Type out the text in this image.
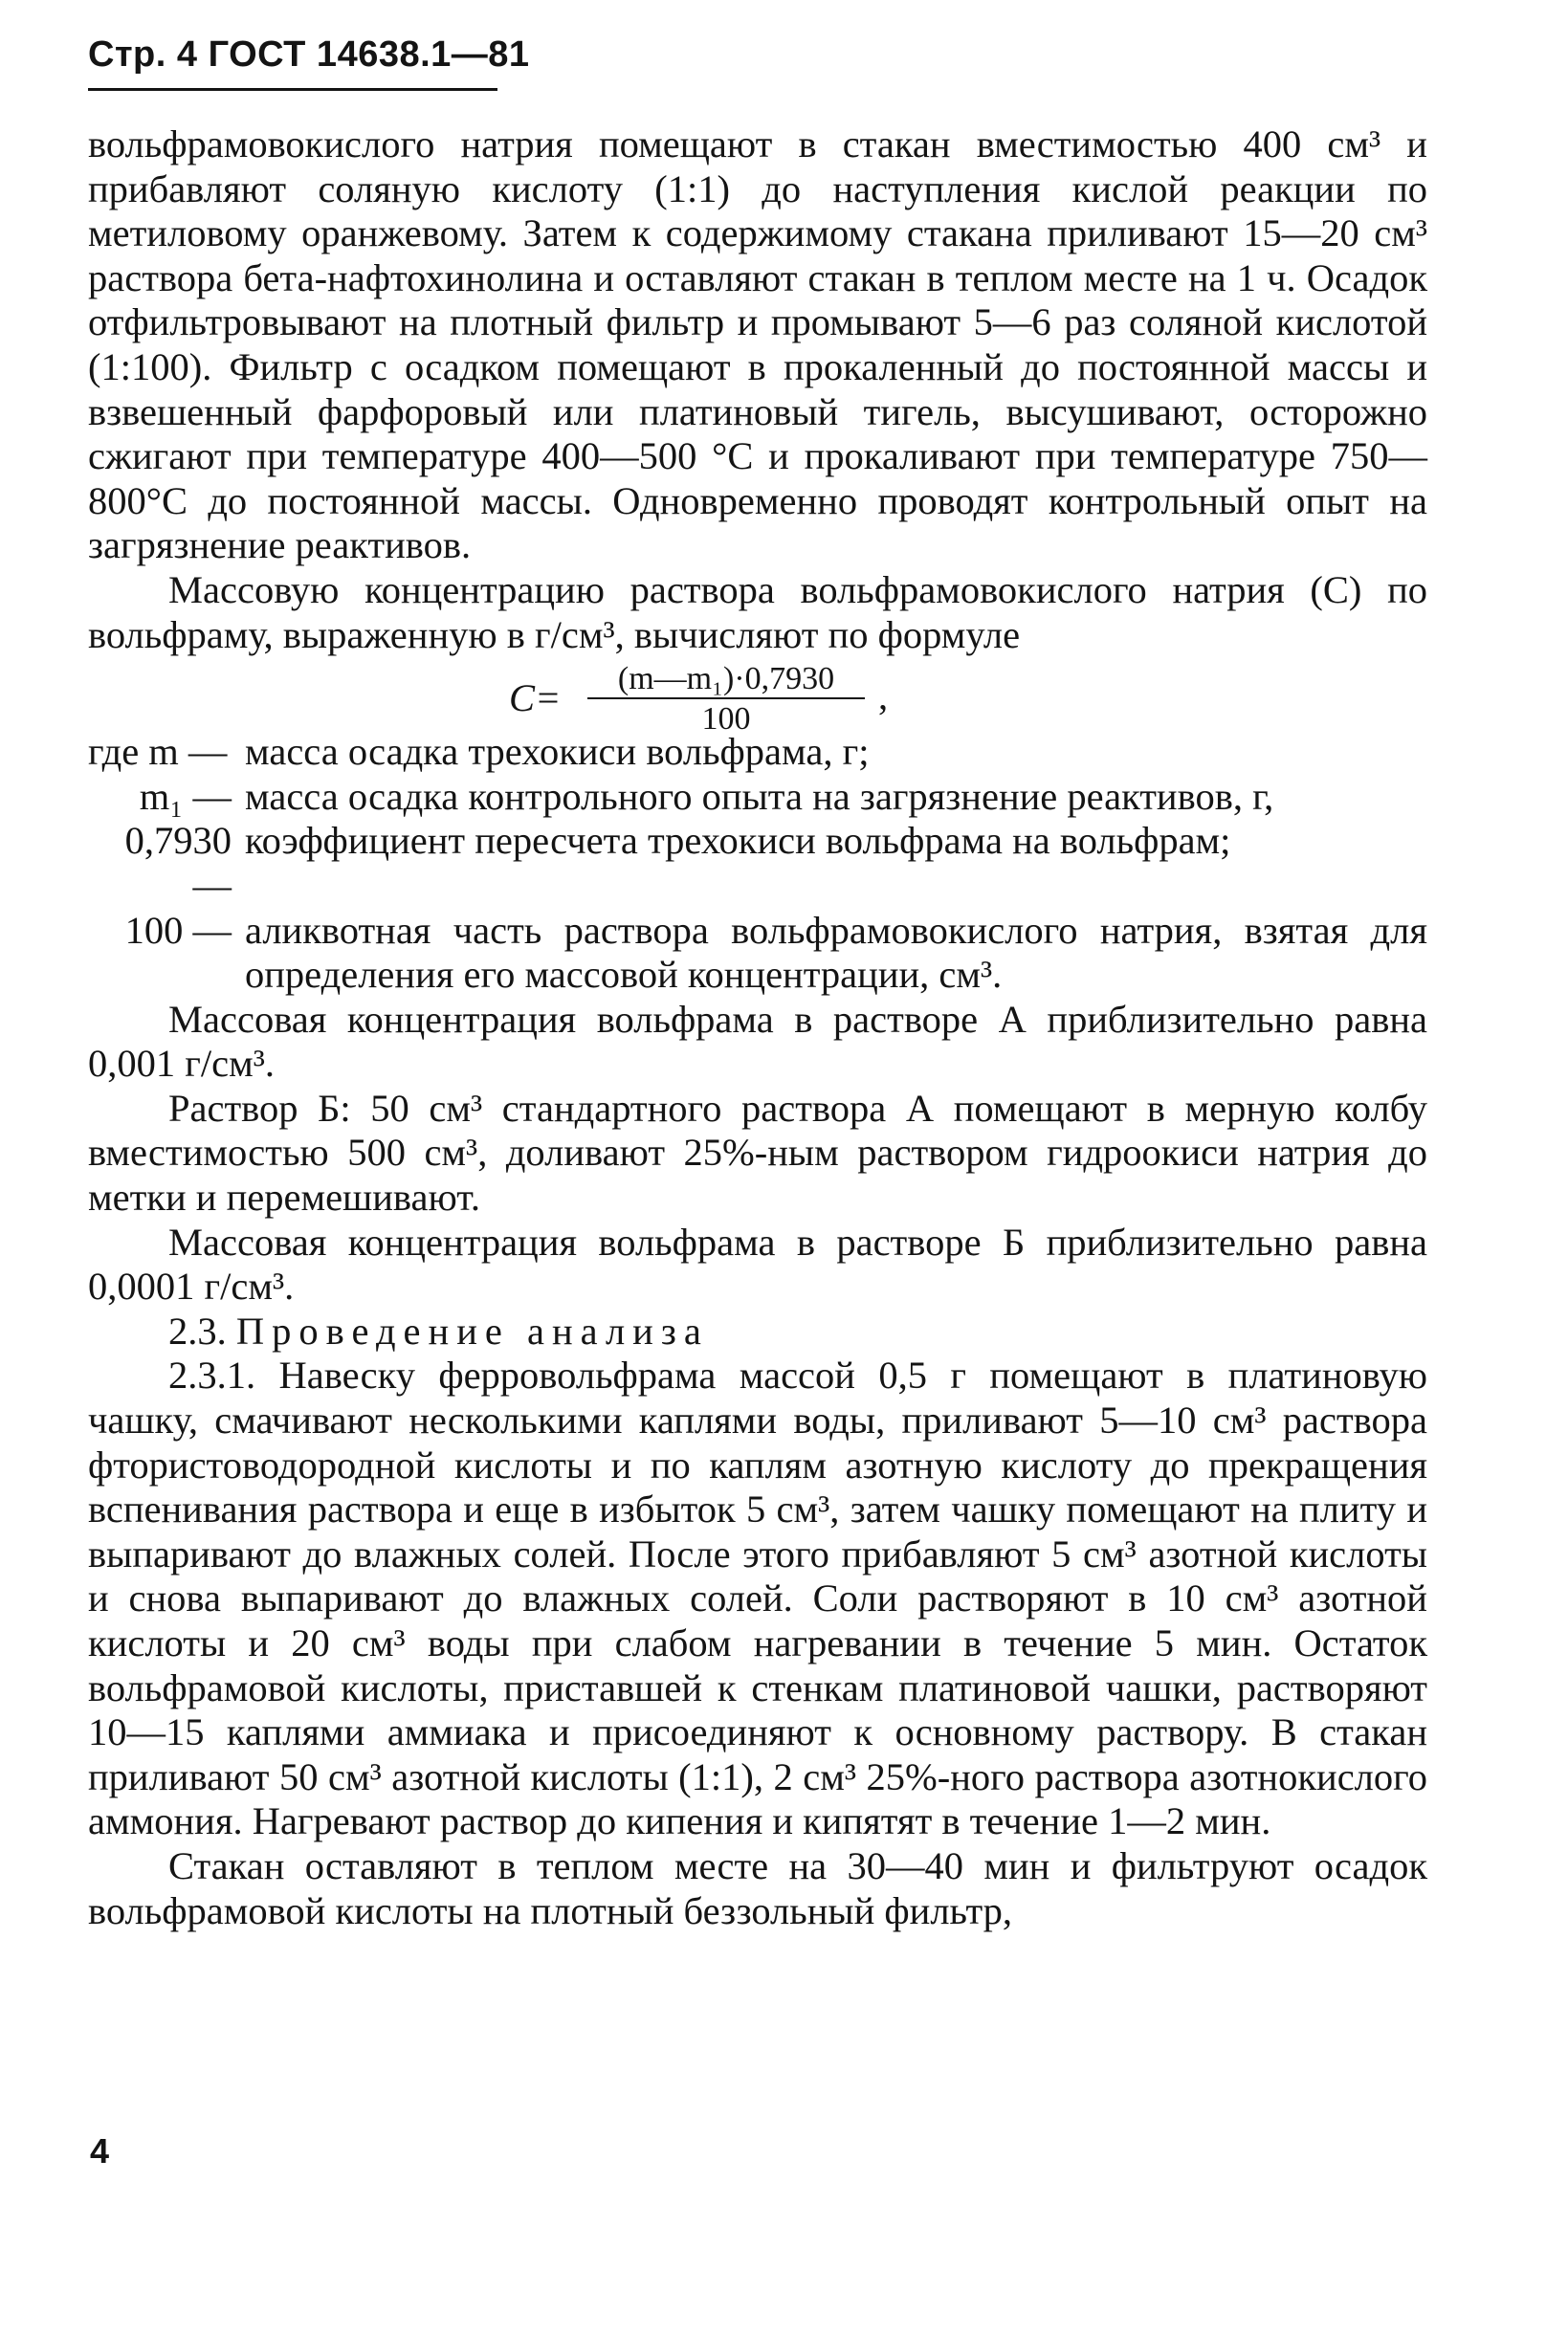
Стр. 4 ГОСТ 14638.1—81

вольфрамовокислого натрия помещают в стакан вместимостью 400 см³ и прибавляют соляную кислоту (1:1) до наступления кислой реакции по метиловому оранжевому. Затем к содержимому стакана приливают 15—20 см³ раствора бета-нафтохинолина и оставляют стакан в теплом месте на 1 ч. Осадок отфильтровывают на плотный фильтр и промывают 5—6 раз соляной кислотой (1:100). Фильтр с осадком помещают в прокаленный до постоянной массы и взвешенный фарфоровый или платиновый тигель, высушивают, осторожно сжигают при температуре 400—500 °С и прокаливают при температуре 750—800°С до постоянной массы. Одновременно проводят контрольный опыт на загрязнение реактивов.

Массовую концентрацию раствора вольфрамовокислого натрия (С) по вольфраму, выраженную в г/см³, вычисляют по формуле

$С= \frac{\text{(m—m₁)·0,7930}}{100}$ ,
где m — масса осадка трехокиси вольфрама, г;
m₁ — масса осадка контрольного опыта на загрязнение реактивов, г,
0,7930 —
коэффициент пересчета трехокиси вольфрама на вольфрам;
100 — аликвотная часть раствора вольфрамовокислого натрия, взятая для определения его массовой концентрации, см³.

Массовая концентрация вольфрама в растворе А приблизительно равна 0,001 г/см³.

Раствор Б: 50 см³ стандартного раствора А помещают в мерную колбу вместимостью 500 см³, доливают 25%-ным раствором гидроокиси натрия до метки и перемешивают.

Массовая концентрация вольфрама в растворе Б приблизительно равна 0,0001 г/см³.

2.3. Проведение анализа

2.3.1. Навеску ферровольфрама массой 0,5 г помещают в платиновую чашку, смачивают несколькими каплями воды, приливают 5—10 см³ раствора фтористоводородной кислоты и по каплям азотную кислоту до прекращения вспенивания раствора и еще в избыток 5 см³, затем чашку помещают на плиту и выпаривают до влажных солей. После этого прибавляют 5 см³ азотной кислоты и снова выпаривают до влажных солей. Соли растворяют в 10 см³ азотной кислоты и 20 см³ воды при слабом нагревании в течение 5 мин. Остаток вольфрамовой кислоты, приставшей к стенкам платиновой чашки, растворяют 10—15 каплями аммиака и присоединяют к основному раствору. В стакан приливают 50 см³ азотной кислоты (1:1), 2 см³ 25%-ного раствора азотнокислого аммония. Нагревают раствор до кипения и кипятят в течение 1—2 мин.

Стакан оставляют в теплом месте на 30—40 мин и фильтруют осадок вольфрамовой кислоты на плотный беззольный фильтр,

4
